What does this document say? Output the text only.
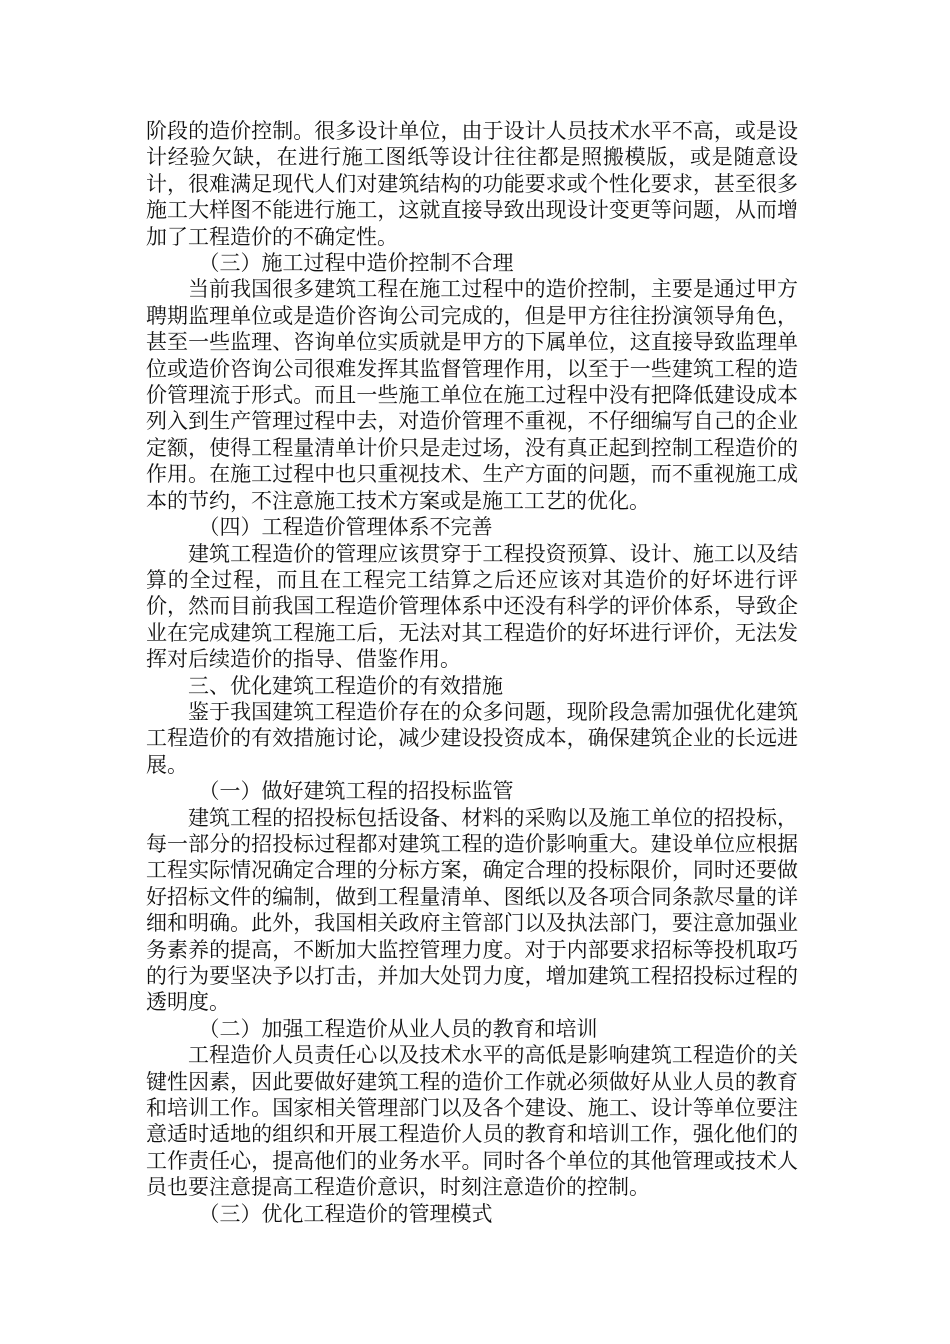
阶段的造价控制。很多设计单位，由于设计人员技术水平不高，或是设计经验欠缺，在进行施工图纸等设计往往都是照搬模版，或是随意设计，很难满足现代人们对建筑结构的功能要求或个性化要求，甚至很多施工大样图不能进行施工，这就直接导致出现设计变更等问题，从而增加了工程造价的不确定性。

（三）施工过程中造价控制不合理

当前我国很多建筑工程在施工过程中的造价控制，主要是通过甲方聘期监理单位或是造价咨询公司完成的，但是甲方往往扮演领导角色，甚至一些监理、咨询单位实质就是甲方的下属单位，这直接导致监理单位或造价咨询公司很难发挥其监督管理作用，以至于一些建筑工程的造价管理流于形式。而且一些施工单位在施工过程中没有把降低建设成本列入到生产管理过程中去，对造价管理不重视，不仔细编写自己的企业定额，使得工程量清单计价只是走过场，没有真正起到控制工程造价的作用。在施工过程中也只重视技术、生产方面的问题，而不重视施工成本的节约，不注意施工技术方案或是施工工艺的优化。

（四）工程造价管理体系不完善

建筑工程造价的管理应该贯穿于工程投资预算、设计、施工以及结算的全过程，而且在工程完工结算之后还应该对其造价的好坏进行评价，然而目前我国工程造价管理体系中还没有科学的评价体系，导致企业在完成建筑工程施工后，无法对其工程造价的好坏进行评价，无法发挥对后续造价的指导、借鉴作用。

三、优化建筑工程造价的有效措施

鉴于我国建筑工程造价存在的众多问题，现阶段急需加强优化建筑工程造价的有效措施讨论，减少建设投资成本，确保建筑企业的长远进展。

（一）做好建筑工程的招投标监管

建筑工程的招投标包括设备、材料的采购以及施工单位的招投标，每一部分的招投标过程都对建筑工程的造价影响重大。建设单位应根据工程实际情况确定合理的分标方案，确定合理的投标限价，同时还要做好招标文件的编制，做到工程量清单、图纸以及各项合同条款尽量的详细和明确。此外，我国相关政府主管部门以及执法部门，要注意加强业务素养的提高，不断加大监控管理力度。对于内部要求招标等投机取巧的行为要坚决予以打击，并加大处罚力度，增加建筑工程招投标过程的透明度。

（二）加强工程造价从业人员的教育和培训

工程造价人员责任心以及技术水平的高低是影响建筑工程造价的关键性因素，因此要做好建筑工程的造价工作就必须做好从业人员的教育和培训工作。国家相关管理部门以及各个建设、施工、设计等单位要注意适时适地的组织和开展工程造价人员的教育和培训工作，强化他们的工作责任心，提高他们的业务水平。同时各个单位的其他管理或技术人员也要注意提高工程造价意识，时刻注意造价的控制。

（三）优化工程造价的管理模式
